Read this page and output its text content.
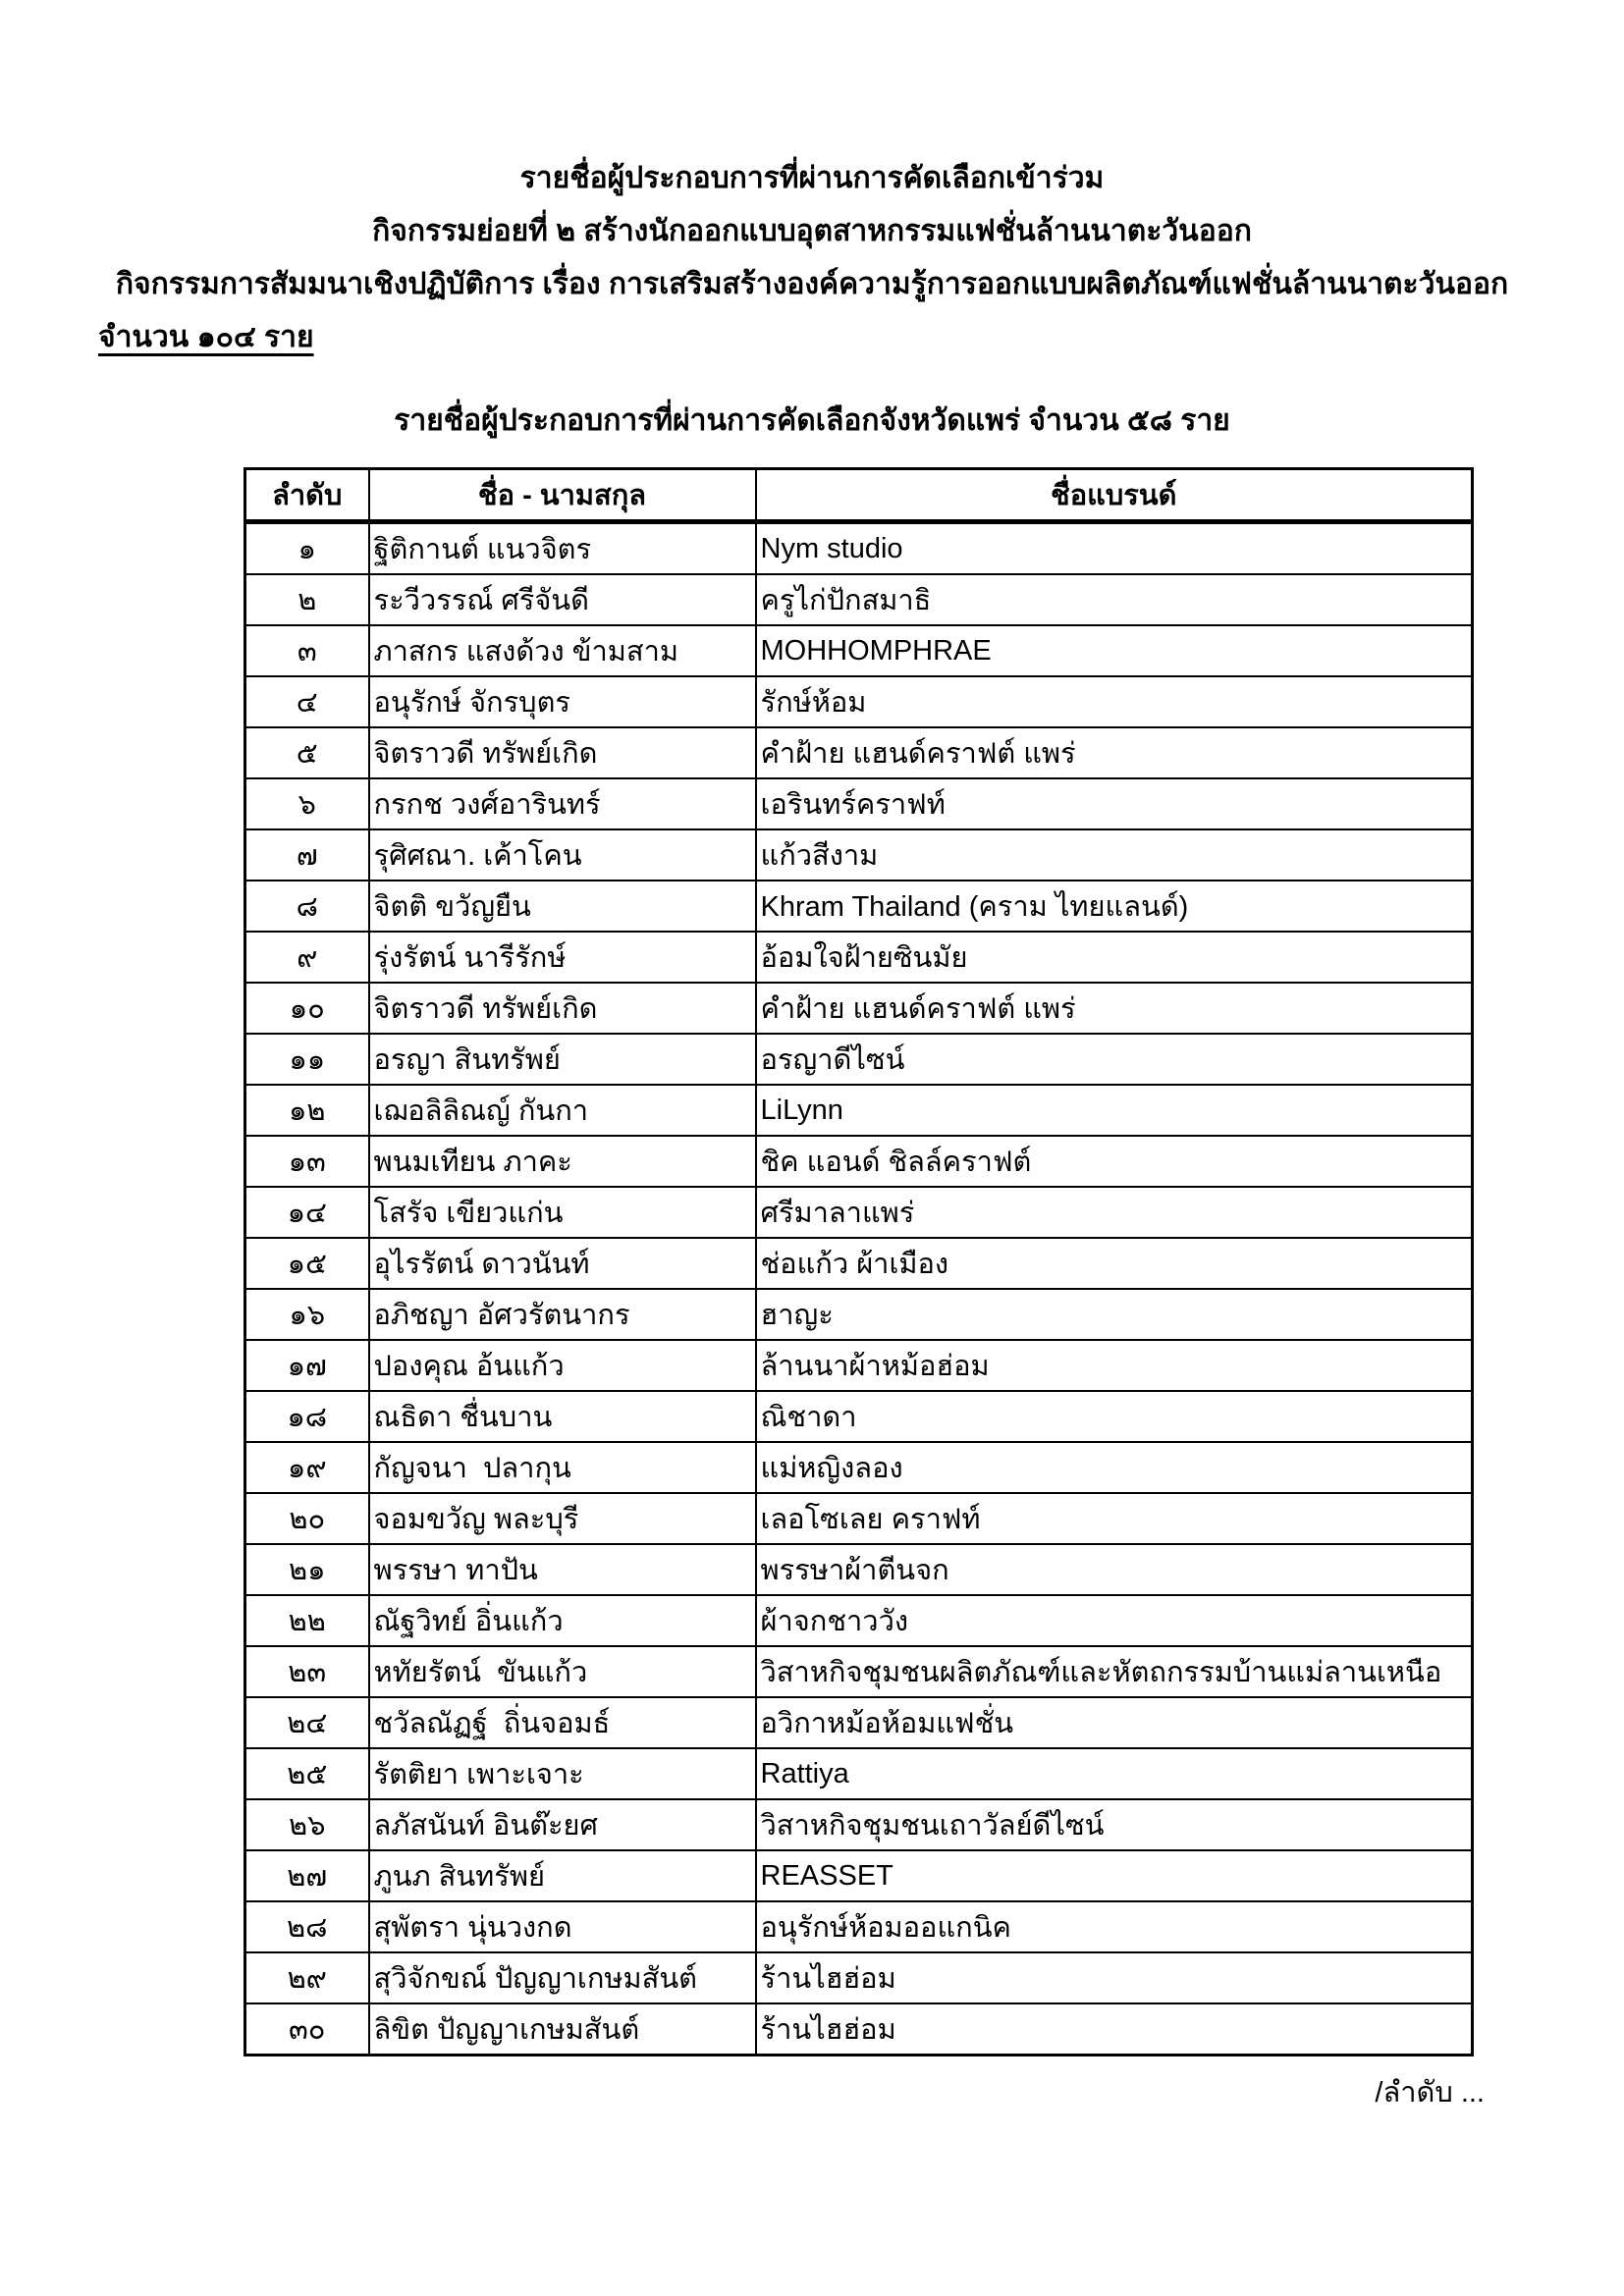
รายชื่อผู้ประกอบการที่ผ่านการคัดเลือกเข้าร่วม
กิจกรรมย่อยที่ ๒ สร้างนักออกแบบอุตสาหกรรมแฟชั่นล้านนาตะวันออก
กิจกรรมการสัมมนาเชิงปฏิบัติการ เรื่อง การเสริมสร้างองค์ความรู้การออกแบบผลิตภัณฑ์แฟชั่นล้านนาตะวันออก
จำนวน ๑๐๔ ราย
รายชื่อผู้ประกอบการที่ผ่านการคัดเลือกจังหวัดแพร่ จำนวน ๕๘ ราย
ลำดับ	ชื่อ - นามสกุล	ชื่อแบรนด์
๑	ฐิติกานต์ แนวจิตร	Nym studio
๒	ระวีวรรณ์ ศรีจันดี	ครูไก่ปักสมาธิ
๓	ภาสกร แสงด้วง ข้ามสาม	MOHHOMPHRAE
๔	อนุรักษ์ จักรบุตร	รักษ์ห้อม
๕	จิตราวดี ทรัพย์เกิด	คำฝ้าย แฮนด์คราฟต์ แพร่
๖	กรกช วงศ์อารินทร์	เอรินทร์คราฟท์
๗	รุศิศณา. เค้าโคน	แก้วสีงาม
๘	จิตติ ขวัญยืน	Khram Thailand (คราม ไทยแลนด์)
๙	รุ่งรัตน์ นารีรักษ์	อ้อมใจฝ้ายซินมัย
๑๐	จิตราวดี ทรัพย์เกิด	คำฝ้าย แฮนด์คราฟต์ แพร่
๑๑	อรญา สินทรัพย์	อรญาดีไซน์
๑๒	เฌอลิลิณญ์ กันกา	LiLynn
๑๓	พนมเทียน ภาคะ	ชิค แอนด์ ชิลล์คราฟต์
๑๔	โสรัจ เขียวแก่น	ศรีมาลาแพร่
๑๕	อุไรรัตน์ ดาวนันท์	ช่อแก้ว ผ้าเมือง
๑๖	อภิชญา อัศวรัตนากร	ฮาญะ
๑๗	ปองคุณ อ้นแก้ว	ล้านนาผ้าหม้อฮ่อม
๑๘	ณธิดา ชื่นบาน	ณิชาดา
๑๙	กัญจนา  ปลากุน	แม่หญิงลอง
๒๐	จอมขวัญ พละบุรี	เลอโซเลย คราฟท์
๒๑	พรรษา ทาปัน	พรรษาผ้าตีนจก
๒๒	ณัฐวิทย์ อิ่นแก้ว	ผ้าจกชาววัง
๒๓	หทัยรัตน์  ขันแก้ว	วิสาหกิจชุมชนผลิตภัณฑ์และหัตถกรรมบ้านแม่ลานเหนือ
๒๔	ชวัลณัฏฐ์  ถิ่นจอมธ์	อวิกาหม้อห้อมแฟชั่น
๒๕	รัตติยา เพาะเจาะ	Rattiya
๒๖	ลภัสนันท์ อินต๊ะยศ	วิสาหกิจชุมชนเถาวัลย์ดีไซน์
๒๗	ภูนภ สินทรัพย์	REASSET
๒๘	สุพัตรา นุ่นวงกด	อนุรักษ์ห้อมออแกนิค
๒๙	สุวิจักขณ์ ปัญญาเกษมสันต์	ร้านไฮฮ่อม
๓๐	ลิขิต ปัญญาเกษมสันต์	ร้านไฮฮ่อม
/ลำดับ ...
